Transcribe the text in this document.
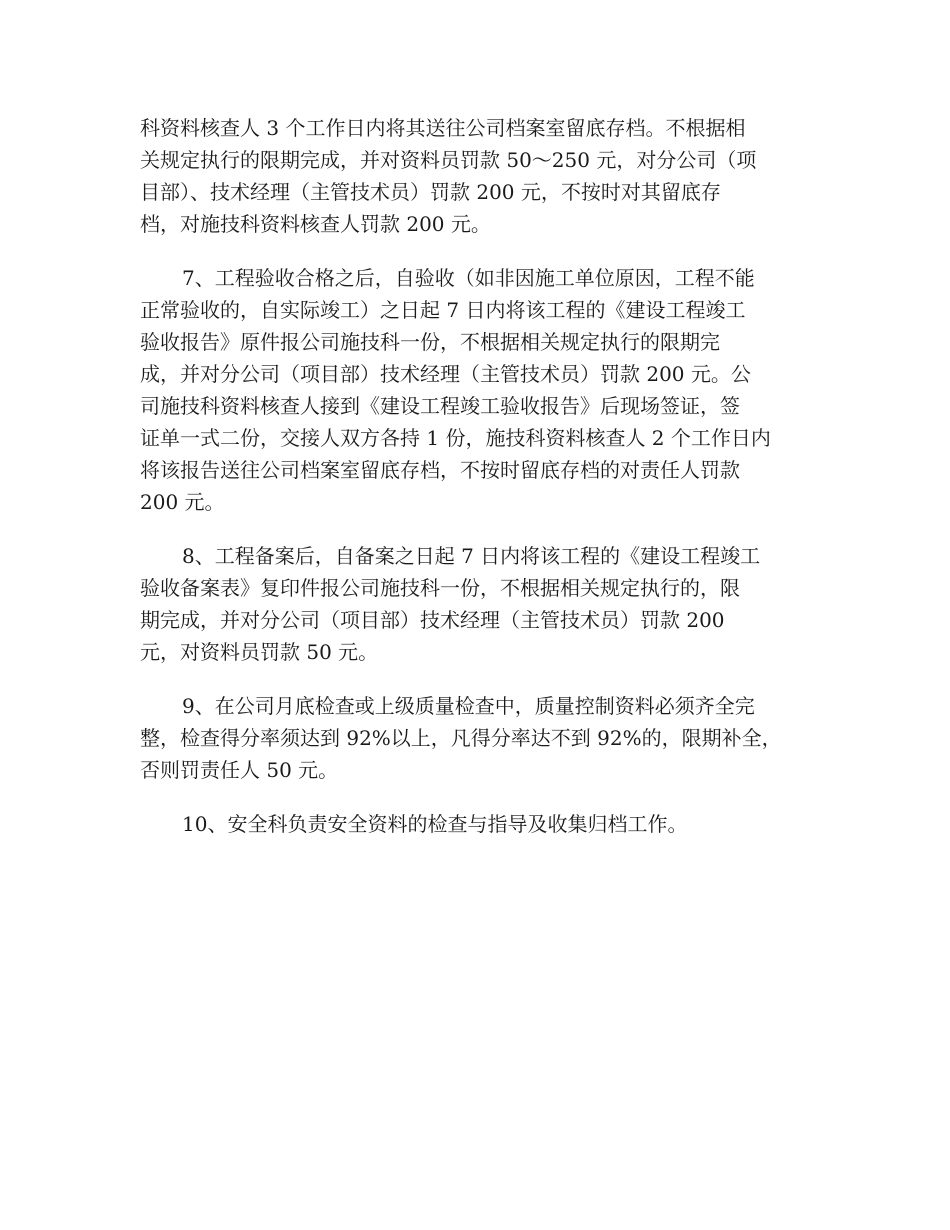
科资料核查人 3 个工作日内将其送往公司档案室留底存档。不根据相
关规定执行的限期完成，并对资料员罚款 50～250 元，对分公司（项
目部）、技术经理（主管技术员）罚款 200 元，不按时对其留底存
档，对施技科资料核查人罚款 200 元。
7、工程验收合格之后，自验收（如非因施工单位原因，工程不能
正常验收的，自实际竣工）之日起 7 日内将该工程的《建设工程竣工
验收报告》原件报公司施技科一份，不根据相关规定执行的限期完
成，并对分公司（项目部）技术经理（主管技术员）罚款 200 元。公
司施技科资料核查人接到《建设工程竣工验收报告》后现场签证，签
证单一式二份，交接人双方各持 1 份，施技科资料核查人 2 个工作日内
将该报告送往公司档案室留底存档，不按时留底存档的对责任人罚款
200 元。
8、工程备案后，自备案之日起 7 日内将该工程的《建设工程竣工
验收备案表》复印件报公司施技科一份，不根据相关规定执行的，限
期完成，并对分公司（项目部）技术经理（主管技术员）罚款 200
元，对资料员罚款 50 元。
9、在公司月底检查或上级质量检查中，质量控制资料必须齐全完
整，检查得分率须达到 92%以上，凡得分率达不到 92%的，限期补全，
否则罚责任人 50 元。
10、安全科负责安全资料的检查与指导及收集归档工作。
